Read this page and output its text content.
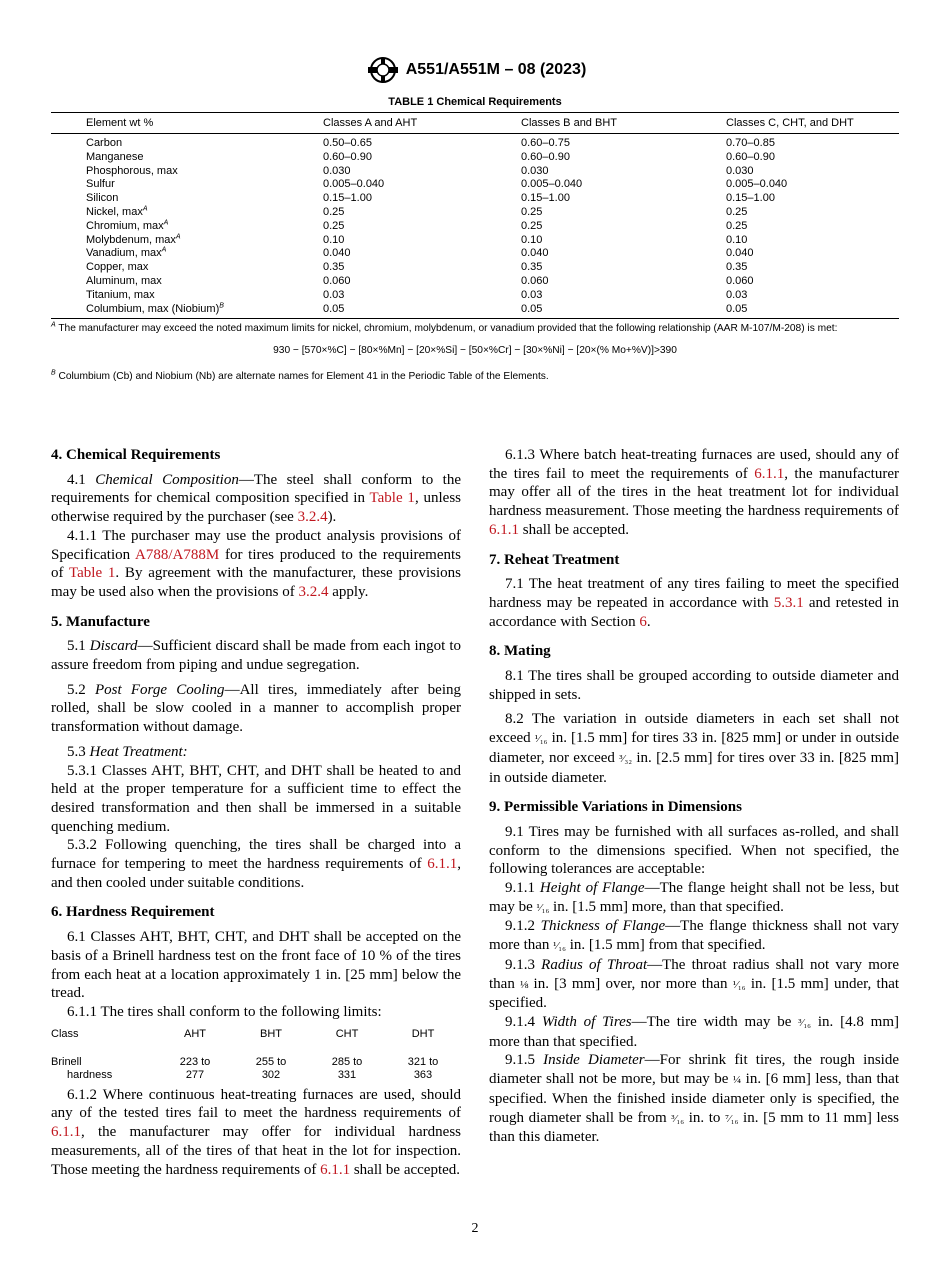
A551/A551M – 08 (2023)
TABLE 1 Chemical Requirements
Element wt %	Classes A and AHT	Classes B and BHT	Classes C, CHT, and DHT
Carbon	0.50–0.65	0.60–0.75	0.70–0.85
Manganese	0.60–0.90	0.60–0.90	0.60–0.90
Phosphorous, max	0.030	0.030	0.030
Sulfur	0.005–0.040	0.005–0.040	0.005–0.040
Silicon	0.15–1.00	0.15–1.00	0.15–1.00
Nickel, $\max^A$	0.25	0.25	0.25
Chromium, $\max^A$	0.25	0.25	0.25
Molybdenum, $\max^A$	0.10	0.10	0.10
Vanadium, $\max^A$	0.040	0.040	0.040
Copper, max	0.35	0.35	0.35
Aluminum, max	0.060	0.060	0.060
Titanium, max	0.03	0.03	0.03
Columbium, max (Niobium)$^B$	0.05	0.05	0.05
$^A$ The manufacturer may exceed the noted maximum limits for nickel, chromium, molybdenum, or vanadium provided that the following relationship (AAR M-107/M-208) is met:
930 − [570×%C] − [80×%Mn] − [20×%Si] − [50×%Cr] − [30×%Ni] − [20×(% Mo+%V)]>390
$^B$ Columbium (Cb) and Niobium (Nb) are alternate names for Element 41 in the Periodic Table of the Elements.
4. Chemical Requirements

4.1 Chemical Composition—The steel shall conform to the requirements for chemical composition specified in Table 1, unless otherwise required by the purchaser (see 3.2.4).

4.1.1 The purchaser may use the product analysis provisions of Specification A788/A788M for tires produced to the requirements of Table 1. By agreement with the manufacturer, these provisions may be used also when the provisions of 3.2.4 apply.

5. Manufacture

5.1 Discard—Sufficient discard shall be made from each ingot to assure freedom from piping and undue segregation.

5.2 Post Forge Cooling—All tires, immediately after being rolled, shall be slow cooled in a manner to accomplish proper transformation without damage.

5.3 Heat Treatment:

5.3.1 Classes AHT, BHT, CHT, and DHT shall be heated to and held at the proper temperature for a sufficient time to effect the desired transformation and then shall be immersed in a suitable quenching medium.

5.3.2 Following quenching, the tires shall be charged into a furnace for tempering to meet the hardness requirements of 6.1.1, and then cooled under suitable conditions.

6. Hardness Requirement

6.1 Classes AHT, BHT, CHT, and DHT shall be accepted on the basis of a Brinell hardness test on the front face of 10 % of the tires from each heat at a location approximately 1 in. [25 mm] below the tread.

6.1.1 The tires shall conform to the following limits:

Class	AHT	BHT	CHT	DHT

Brinell	223 to	255 to	285 to	321 to
hardness	277	302	331	363

6.1.2 Where continuous heat-treating furnaces are used, should any of the tested tires fail to meet the hardness requirements of 6.1.1, the manufacturer may offer for individual hardness measurements, all of the tires of that heat in the lot for inspection. Those meeting the hardness requirements of 6.1.1 shall be accepted.

6.1.3 Where batch heat-treating furnaces are used, should any of the tires fail to meet the requirements of 6.1.1, the manufacturer may offer all of the tires in the heat treatment lot for individual hardness measurement. Those meeting the hardness requirements of 6.1.1 shall be accepted.

7. Reheat Treatment

7.1 The heat treatment of any tires failing to meet the specified hardness may be repeated in accordance with 5.3.1 and retested in accordance with Section 6.

8. Mating

8.1 The tires shall be grouped according to outside diameter and shipped in sets.

8.2 The variation in outside diameters in each set shall not exceed ¹⁄₁₆ in. [1.5 mm] for tires 33 in. [825 mm] or under in outside diameter, nor exceed ³⁄₃₂ in. [2.5 mm] for tires over 33 in. [825 mm] in outside diameter.

9. Permissible Variations in Dimensions

9.1 Tires may be furnished with all surfaces as-rolled, and shall conform to the dimensions specified. When not specified, the following tolerances are acceptable:

9.1.1 Height of Flange—The flange height shall not be less, but may be ¹⁄₁₆ in. [1.5 mm] more, than that specified.

9.1.2 Thickness of Flange—The flange thickness shall not vary more than ¹⁄₁₆ in. [1.5 mm] from that specified.

9.1.3 Radius of Throat—The throat radius shall not vary more than ⅛ in. [3 mm] over, nor more than ¹⁄₁₆ in. [1.5 mm] under, that specified.

9.1.4 Width of Tires—The tire width may be ³⁄₁₆ in. [4.8 mm] more than that specified.

9.1.5 Inside Diameter—For shrink fit tires, the rough inside diameter shall not be more, but may be ¼ in. [6 mm] less, than that specified. When the finished inside diameter only is specified, the rough diameter shall be from ³⁄₁₆ in. to ⁷⁄₁₆ in. [5 mm to 11 mm] less than this diameter.

2
